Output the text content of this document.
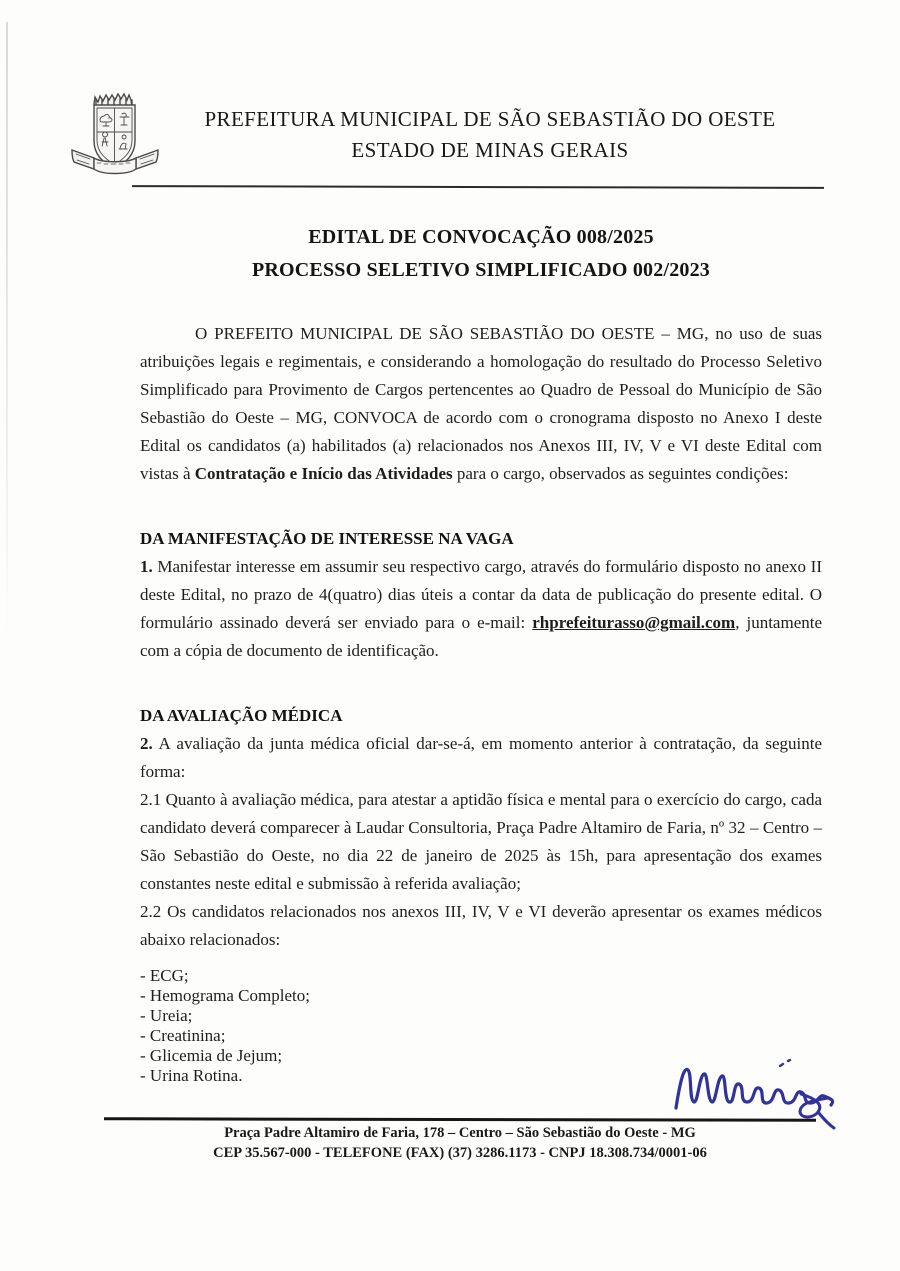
PREFEITURA MUNICIPAL DE SÃO SEBASTIÃO DO OESTE
ESTADO DE MINAS GERAIS
EDITAL DE CONVOCAÇÃO 008/2025
PROCESSO SELETIVO SIMPLIFICADO 002/2023

O PREFEITO MUNICIPAL DE SÃO SEBASTIÃO DO OESTE – MG, no uso de suas atribuições legais e regimentais, e considerando a homologação do resultado do Processo Seletivo Simplificado para Provimento de Cargos pertencentes ao Quadro de Pessoal do Município de São Sebastião do Oeste – MG, CONVOCA de acordo com o cronograma disposto no Anexo I deste Edital os candidatos (a) habilitados (a) relacionados nos Anexos III, IV, V e VI deste Edital com vistas à Contratação e Início das Atividades para o cargo, observados as seguintes condições:

DA MANIFESTAÇÃO DE INTERESSE NA VAGA

1. Manifestar interesse em assumir seu respectivo cargo, através do formulário disposto no anexo II deste Edital, no prazo de 4(quatro) dias úteis a contar da data de publicação do presente edital. O formulário assinado deverá ser enviado para o e-mail: rhprefeiturasso@gmail.com, juntamente com a cópia de documento de identificação.

DA AVALIAÇÃO MÉDICA

2. A avaliação da junta médica oficial dar-se-á, em momento anterior à contratação, da seguinte forma:

2.1 Quanto à avaliação médica, para atestar a aptidão física e mental para o exercício do cargo, cada candidato deverá comparecer à Laudar Consultoria, Praça Padre Altamiro de Faria, nº 32 – Centro – São Sebastião do Oeste, no dia 22 de janeiro de 2025 às 15h, para apresentação dos exames constantes neste edital e submissão à referida avaliação;

2.2 Os candidatos relacionados nos anexos III, IV, V e VI deverão apresentar os exames médicos abaixo relacionados:

- ECG;
- Hemograma Completo;
- Ureia;
- Creatinina;
- Glicemia de Jejum;
- Urina Rotina.
Praça Padre Altamiro de Faria, 178 – Centro – São Sebastião do Oeste - MG
CEP 35.567-000 - TELEFONE (FAX) (37) 3286.1173 - CNPJ 18.308.734/0001-06
